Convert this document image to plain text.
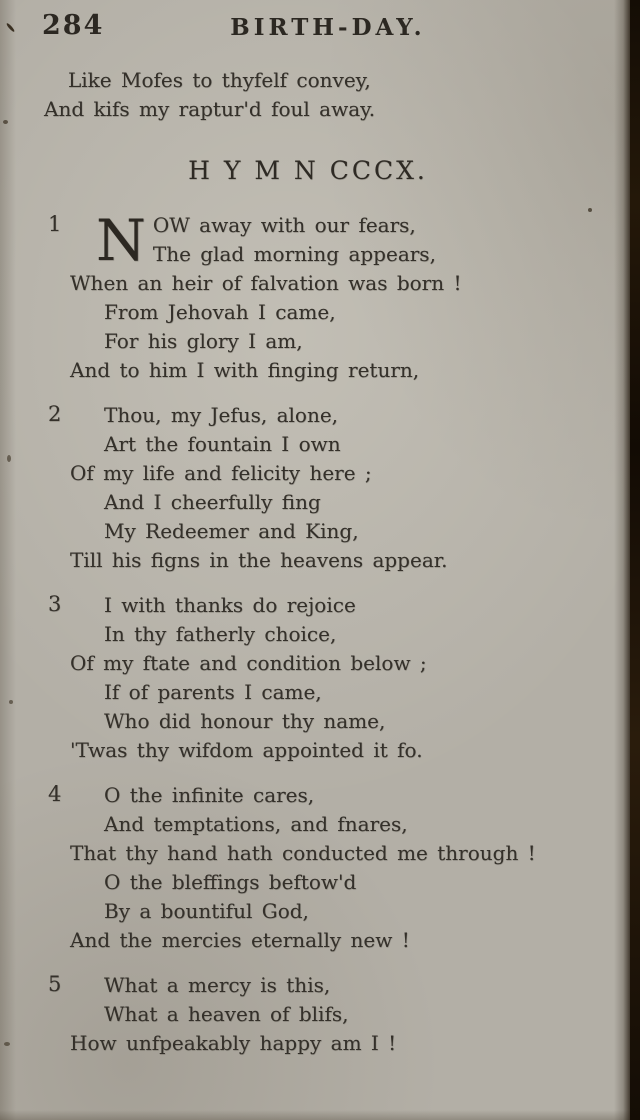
284	BIRTH-DAY.
Like Mofes to thyfelf convey,
And kifs my raptur'd foul away.
H Y M N CCCX.
1 N OW away with our fears,
The glad morning appears,
When an heir of falvation was born !
From Jehovah I came,
For his glory I am,
And to him I with finging return,
2 Thou, my Jefus, alone,
Art the fountain I own
Of my life and felicity here ;
And I cheerfully fing
My Redeemer and King,
Till his figns in the heavens appear.
3 I with thanks do rejoice
In thy fatherly choice,
Of my ftate and condition below ;
If of parents I came,
Who did honour thy name,
'Twas thy wifdom appointed it fo.
4 O the infinite cares,
And temptations, and fnares,
That thy hand hath conducted me through !
O the bleffings beftow'd
By a bountiful God,
And the mercies eternally new !
5 What a mercy is this,
What a heaven of blifs,
How unfpeakably happy am I !
